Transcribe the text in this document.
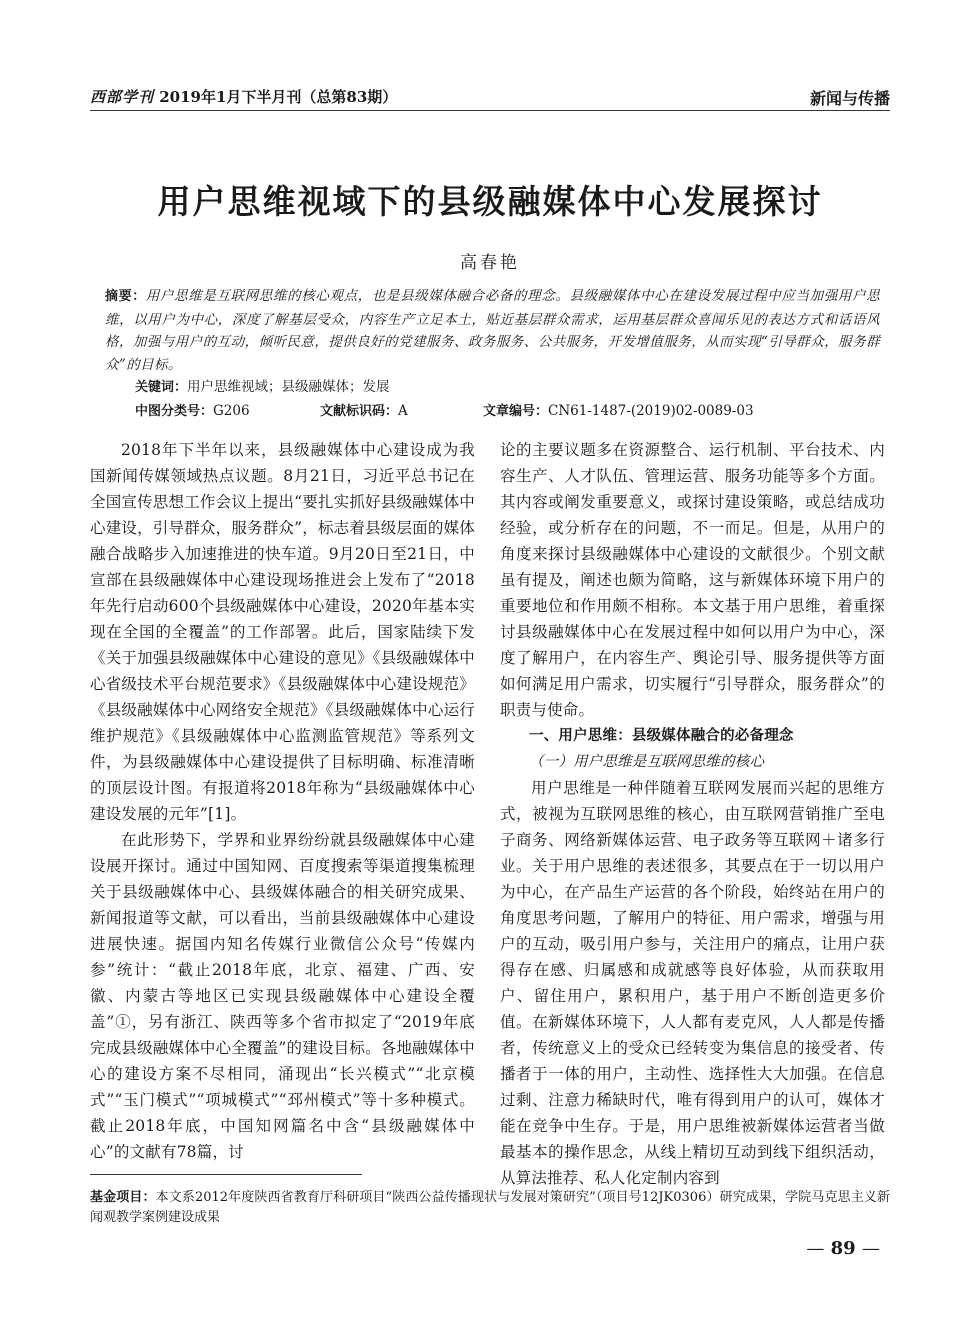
西部学刊 2019年1月下半月刊（总第83期）	新闻与传播
用户思维视域下的县级融媒体中心发展探讨
高春艳
摘要：用户思维是互联网思维的核心观点，也是县级媒体融合必备的理念。县级融媒体中心在建设发展过程中应当加强用户思维，以用户为中心，深度了解基层受众，内容生产立足本土，贴近基层群众需求，运用基层群众喜闻乐见的表达方式和话语风格，加强与用户的互动，倾听民意，提供良好的党建服务、政务服务、公共服务，开发增值服务，从而实现“引导群众，服务群众”的目标。
关键词：用户思维视域；县级融媒体；发展
中图分类号：G206	文献标识码：A	文章编号：CN61-1487-(2019)02-0089-03

2018年下半年以来，县级融媒体中心建设成为我国新闻传媒领域热点议题。8月21日，习近平总书记在全国宣传思想工作会议上提出“要扎实抓好县级融媒体中心建设，引导群众，服务群众”，标志着县级层面的媒体融合战略步入加速推进的快车道。9月20日至21日，中宣部在县级融媒体中心建设现场推进会上发布了“2018年先行启动600个县级融媒体中心建设，2020年基本实现在全国的全覆盖”的工作部署。此后，国家陆续下发《关于加强县级融媒体中心建设的意见》《县级融媒体中心省级技术平台规范要求》《县级融媒体中心建设规范》《县级融媒体中心网络安全规范》《县级融媒体中心运行维护规范》《县级融媒体中心监测监管规范》等系列文件，为县级融媒体中心建设提供了目标明确、标准清晰的顶层设计图。有报道将2018年称为“县级融媒体中心建设发展的元年”[1]。

在此形势下，学界和业界纷纷就县级融媒体中心建设展开探讨。通过中国知网、百度搜索等渠道搜集梳理关于县级融媒体中心、县级媒体融合的相关研究成果、新闻报道等文献，可以看出，当前县级融媒体中心建设进展快速。据国内知名传媒行业微信公众号“传媒内参”统计：“截止2018年底，北京、福建、广西、安徽、内蒙古等地区已实现县级融媒体中心建设全覆盖”①，另有浙江、陕西等多个省市拟定了“2019年底完成县级融媒体中心全覆盖”的建设目标。各地融媒体中心的建设方案不尽相同，涌现出“长兴模式”“北京模式”“玉门模式”“项城模式”“邳州模式”等十多种模式。截止2018年底，中国知网篇名中含“县级融媒体中心”的文献有78篇，讨

论的主要议题多在资源整合、运行机制、平台技术、内容生产、人才队伍、管理运营、服务功能等多个方面。其内容或阐发重要意义，或探讨建设策略，或总结成功经验，或分析存在的问题，不一而足。但是，从用户的角度来探讨县级融媒体中心建设的文献很少。个别文献虽有提及，阐述也颇为简略，这与新媒体环境下用户的重要地位和作用颇不相称。本文基于用户思维，着重探讨县级融媒体中心在发展过程中如何以用户为中心，深度了解用户，在内容生产、舆论引导、服务提供等方面如何满足用户需求，切实履行“引导群众，服务群众”的职责与使命。

一、用户思维：县级媒体融合的必备理念

（一）用户思维是互联网思维的核心

用户思维是一种伴随着互联网发展而兴起的思维方式，被视为互联网思维的核心，由互联网营销推广至电子商务、网络新媒体运营、电子政务等互联网＋诸多行业。关于用户思维的表述很多，其要点在于一切以用户为中心，在产品生产运营的各个阶段，始终站在用户的角度思考问题，了解用户的特征、用户需求，增强与用户的互动，吸引用户参与，关注用户的痛点，让用户获得存在感、归属感和成就感等良好体验，从而获取用户、留住用户，累积用户，基于用户不断创造更多价值。在新媒体环境下，人人都有麦克风，人人都是传播者，传统意义上的受众已经转变为集信息的接受者、传播者于一体的用户，主动性、选择性大大加强。在信息过剩、注意力稀缺时代，唯有得到用户的认可，媒体才能在竞争中生存。于是，用户思维被新媒体运营者当做最基本的操作思念，从线上精切互动到线下组织活动，从算法推荐、私人化定制内容到

基金项目：本文系2012年度陕西省教育厅科研项目“陕西公益传播现状与发展对策研究”（项目号12JK0306）研究成果，学院马克思主义新闻观教学案例建设成果
— 89 —
